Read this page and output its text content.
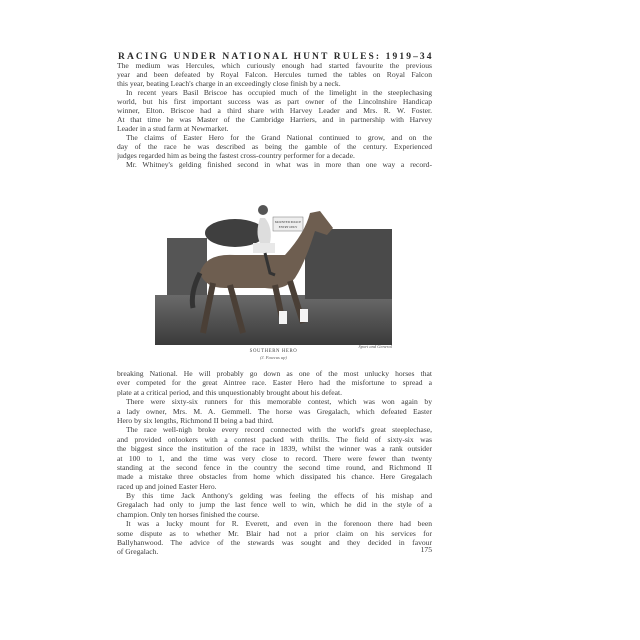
RACING UNDER NATIONAL HUNT RULES: 1919–34
The medium was Hercules, which curiously enough had started favourite the previous
year and been defeated by Royal Falcon. Hercules turned the tables on Royal Falcon
this year, beating Leach's charge in an exceedingly close finish by a neck.
In recent years Basil Briscoe has occupied much of the limelight in the steeplechasing
world, but his first important success was as part owner of the Lincolnshire Handicap
winner, Elton. Briscoe had a third share with Harvey Leader and Mrs. R. W. Foster.
At that time he was Master of the Cambridge Harriers, and in partnership with Harvey
Leader in a stud farm at Newmarket.
The claims of Easter Hero for the Grand National continued to grow, and on the
day of the race he was described as being the gamble of the century. Experienced
judges regarded him as being the fastest cross-country performer for a decade.
Mr. Whitney's gelding finished second in what was in more than one way a record-
MOUNTED POLICE
ENTRY ONLY
Sport and General
SOUTHERN HERO
(J. Fawcus up)
breaking National. He will probably go down as one of the most unlucky horses that
ever competed for the great Aintree race. Easter Hero had the misfortune to spread a
plate at a critical period, and this unquestionably brought about his defeat.
There were sixty-six runners for this memorable contest, which was won again by
a lady owner, Mrs. M. A. Gemmell. The horse was Gregalach, which defeated Easter
Hero by six lengths, Richmond II being a bad third.
The race well-nigh broke every record connected with the world's great steeplechase,
and provided onlookers with a contest packed with thrills. The field of sixty-six was
the biggest since the institution of the race in 1839, whilst the winner was a rank outsider
at 100 to 1, and the time was very close to record. There were fewer than twenty
standing at the second fence in the country the second time round, and Richmond II
made a mistake three obstacles from home which dissipated his chance. Here Gregalach
raced up and joined Easter Hero.
By this time Jack Anthony's gelding was feeling the effects of his mishap and
Gregalach had only to jump the last fence well to win, which he did in the style of a
champion. Only ten horses finished the course.
It was a lucky mount for R. Everett, and even in the forenoon there had been
some dispute as to whether Mr. Blair had not a prior claim on his services for
Ballyhanwood. The advice of the stewards was sought and they decided in favour
of Gregalach.	175
